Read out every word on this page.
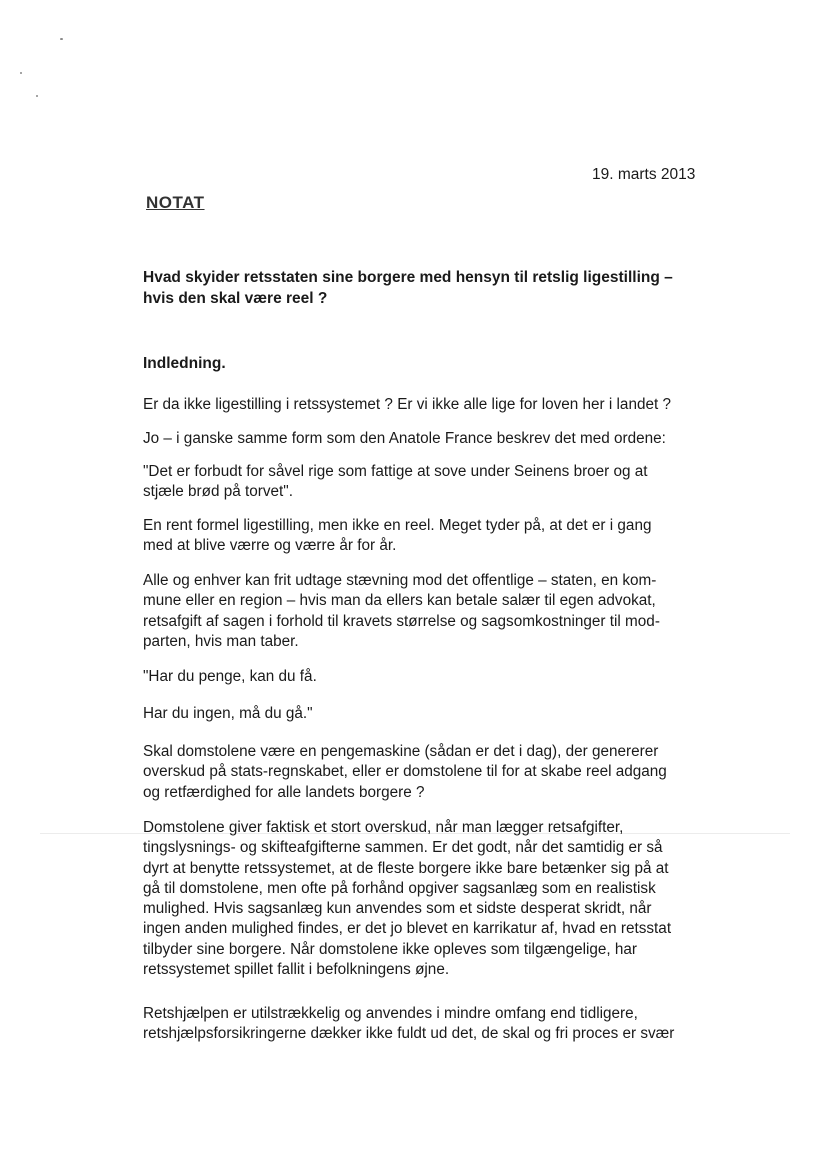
19. marts 2013
NOTAT
Hvad skyider retsstaten sine borgere med hensyn til retslig ligestilling –
hvis den skal være reel ?
Indledning.
Er da ikke ligestilling i retssystemet ? Er vi ikke alle lige for loven her i landet ?
Jo – i ganske samme form som den Anatole France beskrev det med ordene:
"Det er forbudt for såvel rige som fattige at sove under Seinens broer og at
stjæle brød på torvet".
En rent formel ligestilling, men ikke en reel. Meget tyder på, at det er i gang
med at blive værre og værre år for år.
Alle og enhver kan frit udtage stævning mod det offentlige – staten, en kom-
mune eller en region – hvis man da ellers kan betale salær til egen advokat,
retsafgift af sagen i forhold til kravets størrelse og sagsomkostninger til mod-
parten, hvis man taber.
"Har du penge, kan du få.
Har du ingen, må du gå."
Skal domstolene være en pengemaskine (sådan er det i dag), der genererer
overskud på stats-regnskabet, eller er domstolene til for at skabe reel adgang
og retfærdighed for alle landets borgere ?
Domstolene giver faktisk et stort overskud, når man lægger retsafgifter,
tingslysnings- og skifteafgifterne sammen. Er det godt, når det samtidig er så
dyrt at benytte retssystemet, at de fleste borgere ikke bare betænker sig på at
gå til domstolene, men ofte på forhånd opgiver sagsanlæg som en realistisk
mulighed. Hvis sagsanlæg kun anvendes som et sidste desperat skridt, når
ingen anden mulighed findes, er det jo blevet en karrikatur af, hvad en retsstat
tilbyder sine borgere. Når domstolene ikke opleves som tilgængelige, har
retssystemet spillet fallit i befolkningens øjne.
Retshjælpen er utilstrækkelig og anvendes i mindre omfang end tidligere,
retshjælpsforsikringerne dækker ikke fuldt ud det, de skal og fri proces er svær
